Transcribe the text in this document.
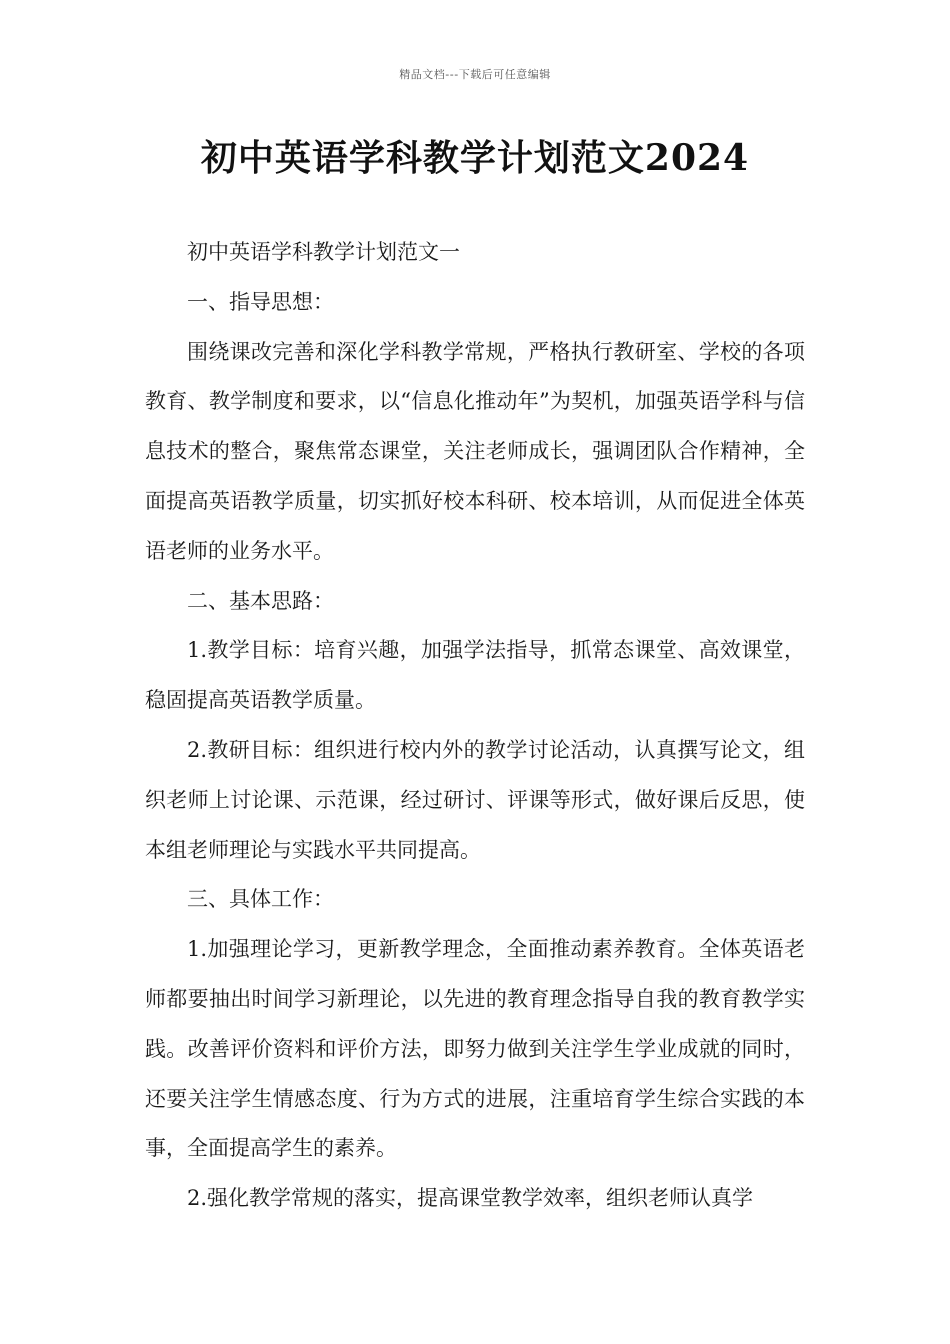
精品文档---下载后可任意编辑
初中英语学科教学计划范文2024

初中英语学科教学计划范文一

一、指导思想：

围绕课改完善和深化学科教学常规，严格执行教研室、学校的各项教育、教学制度和要求，以“信息化推动年”为契机，加强英语学科与信息技术的整合，聚焦常态课堂，关注老师成长，强调团队合作精神，全面提高英语教学质量，切实抓好校本科研、校本培训，从而促进全体英语老师的业务水平。

二、基本思路：

1.教学目标：培育兴趣，加强学法指导，抓常态课堂、高效课堂，稳固提高英语教学质量。

2.教研目标：组织进行校内外的教学讨论活动，认真撰写论文，组织老师上讨论课、示范课，经过研讨、评课等形式，做好课后反思，使本组老师理论与实践水平共同提高。

三、具体工作：

1.加强理论学习，更新教学理念，全面推动素养教育。全体英语老师都要抽出时间学习新理论，以先进的教育理念指导自我的教育教学实践。改善评价资料和评价方法，即努力做到关注学生学业成就的同时，还要关注学生情感态度、行为方式的进展，注重培育学生综合实践的本事，全面提高学生的素养。

2.强化教学常规的落实，提高课堂教学效率，组织老师认真学
